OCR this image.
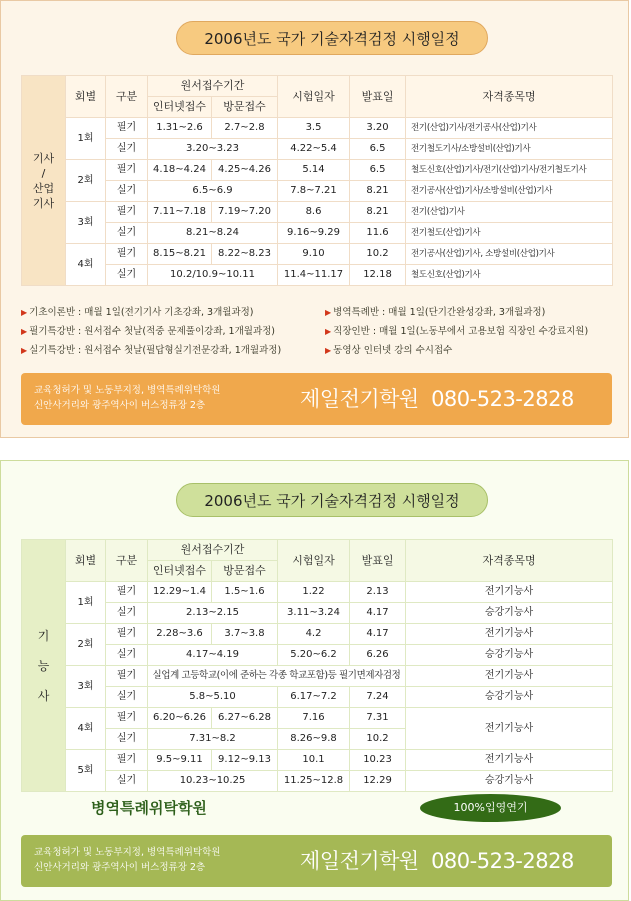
2006년도 국가 기술자격검정 시행일정
기사
/
산업
기사	회별	구분	원서접수기간		시험일자	발표일	자격종목명
			인터넷접수	방문접수			
	1회	필기	1.31~2.6	2.7~2.8	3.5	3.20	전기(산업)기사/전기공사(산업)기사
		실기	3.20~3.23		4.22~5.4	6.5	전기철도기사/소방설비(산업)기사
	2회	필기	4.18~4.24	4.25~4.26	5.14	6.5	철도신호(산업)기사/전기(산업)기사/전기철도기사
		실기	6.5~6.9		7.8~7.21	8.21	전기공사(산업)기사/소방설비(산업)기사
	3회	필기	7.11~7.18	7.19~7.20	8.6	8.21	전기(산업)기사
		실기	8.21~8.24		9.16~9.29	11.6	전기철도(산업)기사
	4회	필기	8.15~8.21	8.22~8.23	9.10	10.2	전기공사(산업)기사, 소방설비(산업)기사
		실기	10.2/10.9~10.11		11.4~11.17	12.18	철도신호(산업)기사
▶ 기초이론반 : 매월 1일(전기기사 기초강좌, 3개월과정)
▶ 필기특강반 : 원서접수 첫날(적중 문제풀이강좌, 1개월과정)
▶ 실기특강반 : 원서접수 첫날(필답형실기전문강좌, 1개월과정)
▶ 병역특례반 : 매월 1일(단기간완성강좌, 3개월과정)
▶ 직장인반 : 매월 1일(노동부에서 고용보험 직장인 수강료지원)
▶ 동영상 인터넷 강의 수시접수
교육청허가 및 노동부지정, 병역특례위탁학원
신안사거리와 광주역사이 버스정류장 2층	제일전기학원  080-523-2828
2006년도 국가 기술자격검정 시행일정
기
능
사	회별	구분	원서접수기간		시험일자	발표일	자격종목명
			인터넷접수	방문접수			
	1회	필기	12.29~1.4	1.5~1.6	1.22	2.13	전기기능사
		실기	2.13~2.15		3.11~3.24	4.17	승강기능사
	2회	필기	2.28~3.6	3.7~3.8	4.2	4.17	전기기능사
		실기	4.17~4.19		5.20~6.2	6.26	승강기능사
	3회	필기	실업계 고등학교(이에 준하는 각종 학교포함)등 필기면제자검정				전기기능사
		실기	5.8~5.10		6.17~7.2	7.24	승강기능사
	4회	필기	6.20~6.26	6.27~6.28	7.16	7.31	전기기능사
		실기	7.31~8.2		8.26~9.8	10.2	
	5회	필기	9.5~9.11	9.12~9.13	10.1	10.23	전기기능사
		실기	10.23~10.25		11.25~12.8	12.29	승강기능사
병역특례위탁학원	100%입영연기
교육청허가 및 노동부지정, 병역특례위탁학원
신안사거리와 광주역사이 버스정류장 2층	제일전기학원  080-523-2828
